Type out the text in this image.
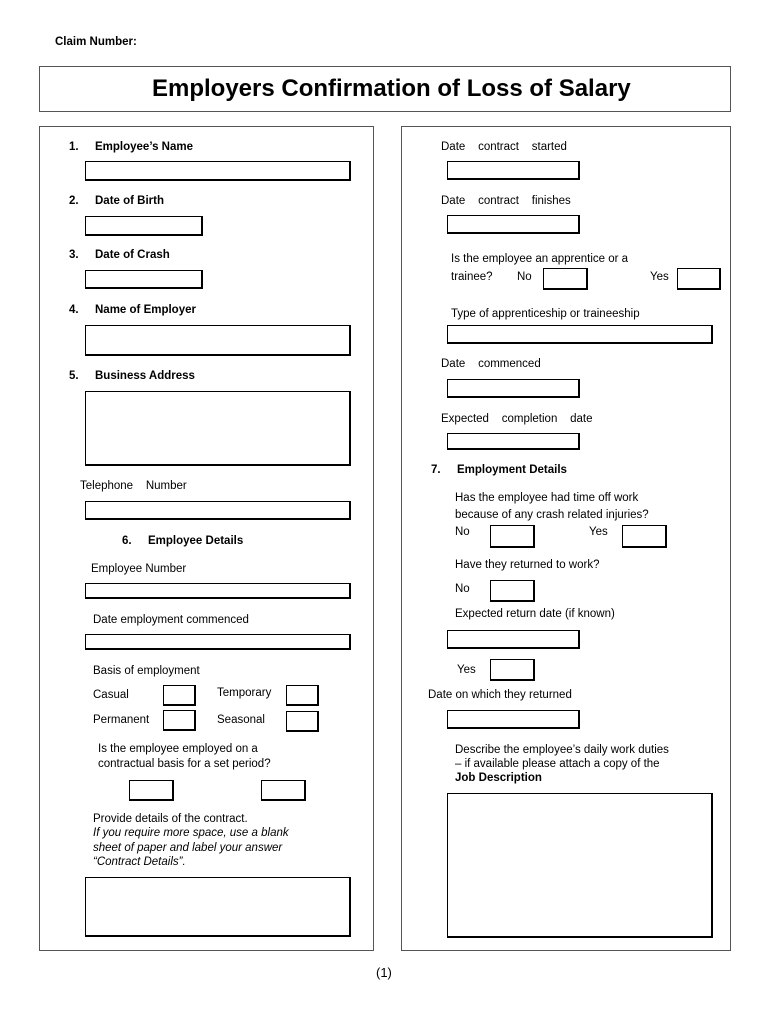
Claim Number:
Employers Confirmation of Loss of Salary
1. Employee’s Name
2. Date of Birth
3. Date of Crash
4. Name of Employer
5. Business Address
Telephone    Number
6. Employee Details
Employee Number
Date employment commenced
Basis of employment
Casual	Temporary
Permanent	Seasonal
Is the employee employed on a
contractual basis for a set period?
Provide details of the contract.
If you require more space, use a blank
sheet of paper and label your answer
“Contract Details”.
Date    contract    started
Date    contract    finishes
Is the employee an apprentice or a
trainee? No	Yes
Type of apprenticeship or traineeship
Date    commenced
Expected    completion    date
7. Employment Details
Has the employee had time off work
because of any crash related injuries?
No	Yes
Have they returned to work?
No
Expected return date (if known)
Yes
Date on which they returned
Describe the employee’s daily work duties
– if available please attach a copy of the
Job Description
(1)
